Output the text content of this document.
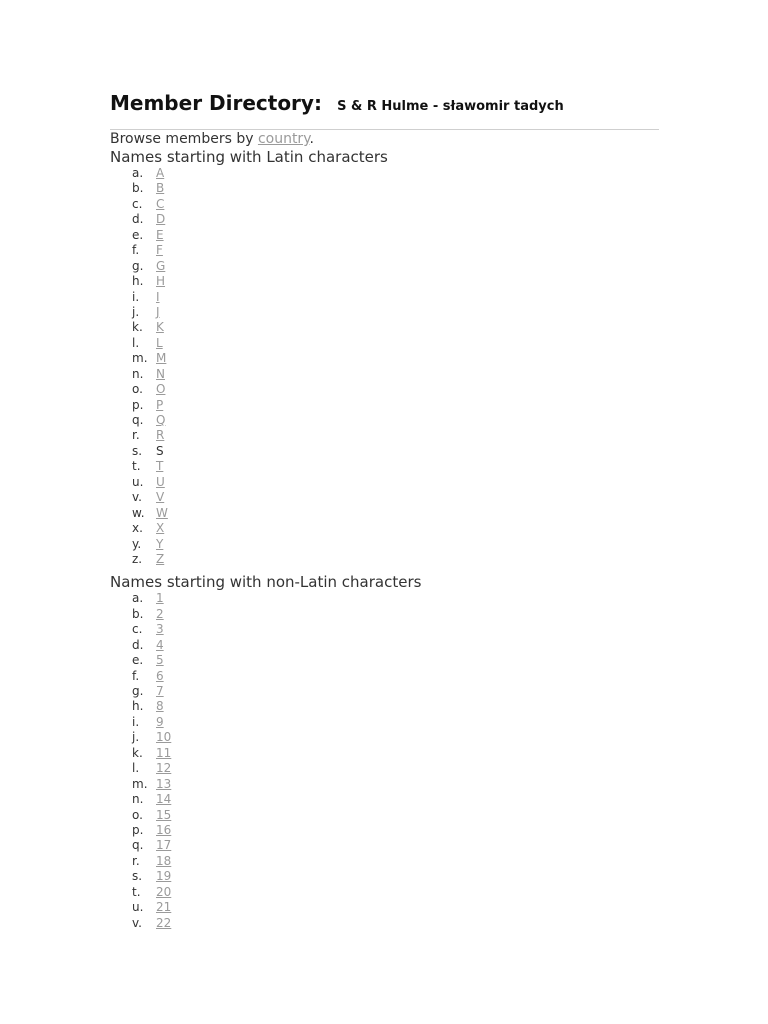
Member Directory: S & R Hulme - sławomir tadych
Browse members by country.
Names starting with Latin characters
a. A
b. B
c. C
d. D
e. E
f. F
g. G
h. H
i. I
j. J
k. K
l. L
m. M
n. N
o. O
p. P
q. Q
r. R
s. S
t. T
u. U
v. V
w. W
x. X
y. Y
z. Z
Names starting with non-Latin characters
a. 1
b. 2
c. 3
d. 4
e. 5
f. 6
g. 7
h. 8
i. 9
j. 10
k. 11
l. 12
m. 13
n. 14
o. 15
p. 16
q. 17
r. 18
s. 19
t. 20
u. 21
v. 22
